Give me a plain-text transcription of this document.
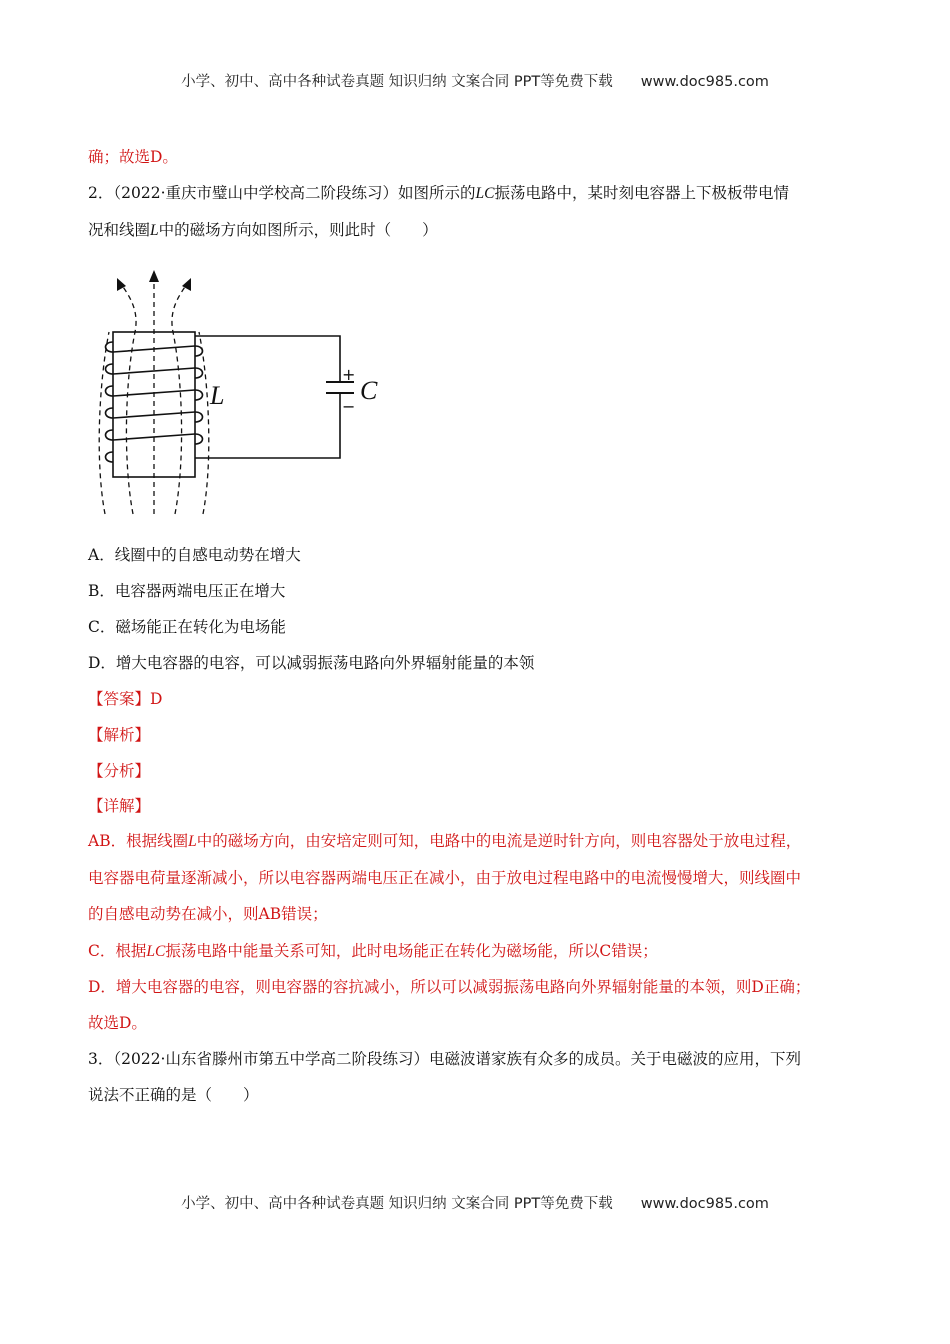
小学、初中、高中各种试卷真题 知识归纳 文案合同 PPT等免费下载 www.doc985.com
确；故选D。
2．（2022·重庆市璧山中学校高二阶段练习）如图所示的LC振荡电路中，某时刻电容器上下极板带电情
况和线圈L中的磁场方向如图所示，则此时（　　）
L	C
+
−
A．线圈中的自感电动势在增大
B．电容器两端电压正在增大
C．磁场能正在转化为电场能
D．增大电容器的电容，可以减弱振荡电路向外界辐射能量的本领
【答案】D
【解析】
【分析】
【详解】
AB．根据线圈L中的磁场方向，由安培定则可知，电路中的电流是逆时针方向，则电容器处于放电过程，
电容器电荷量逐渐减小，所以电容器两端电压正在减小，由于放电过程电路中的电流慢慢增大，则线圈中
的自感电动势在减小，则AB错误；
C．根据LC振荡电路中能量关系可知，此时电场能正在转化为磁场能，所以C错误；
D．增大电容器的电容，则电容器的容抗减小，所以可以减弱振荡电路向外界辐射能量的本领，则D正确；
故选D。
3．（2022·山东省滕州市第五中学高二阶段练习）电磁波谱家族有众多的成员。关于电磁波的应用，下列
说法不正确的是（　　）
小学、初中、高中各种试卷真题 知识归纳 文案合同 PPT等免费下载 www.doc985.com
